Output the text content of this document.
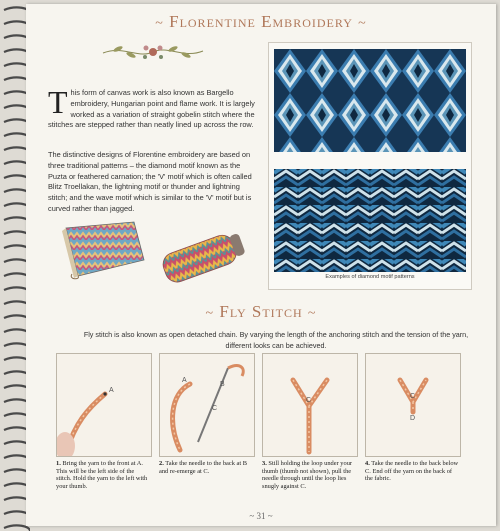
~ Florentine Embroidery ~
This form of canvas work is also known as Bargello embroidery, Hungarian point and flame work. It is largely worked as a variation of straight gobelin stitch where the stitches are stepped rather than neatly lined up across the row.
The distinctive designs of Florentine embroidery are based on three traditional patterns – the diamond motif known as the Puzta or feathered carnation; the 'V' motif which is often called Blitz Troellakan, the lightning motif or thunder and lightning stitch; and the wave motif which is similar to the 'V' motif but is curved rather than jagged.
Examples of diamond motif patterns
~ Fly Stitch ~
Fly stitch is also known as open detached chain. By varying the length of the anchoring stitch and the tension of the yarn, different looks can be achieved.
A
1. Bring the yarn to the front at A. This will be the left side of the stitch. Hold the yarn to the left with your thumb.
A
B
C
2. Take the needle to the back at B and re-emerge at C.
C
3. Still holding the loop under your thumb (thumb not shown), pull the needle through until the loop lies snugly against C.
C
D
4. Take the needle to the back below C. End off the yarn on the back of the fabric.
~ 31 ~
